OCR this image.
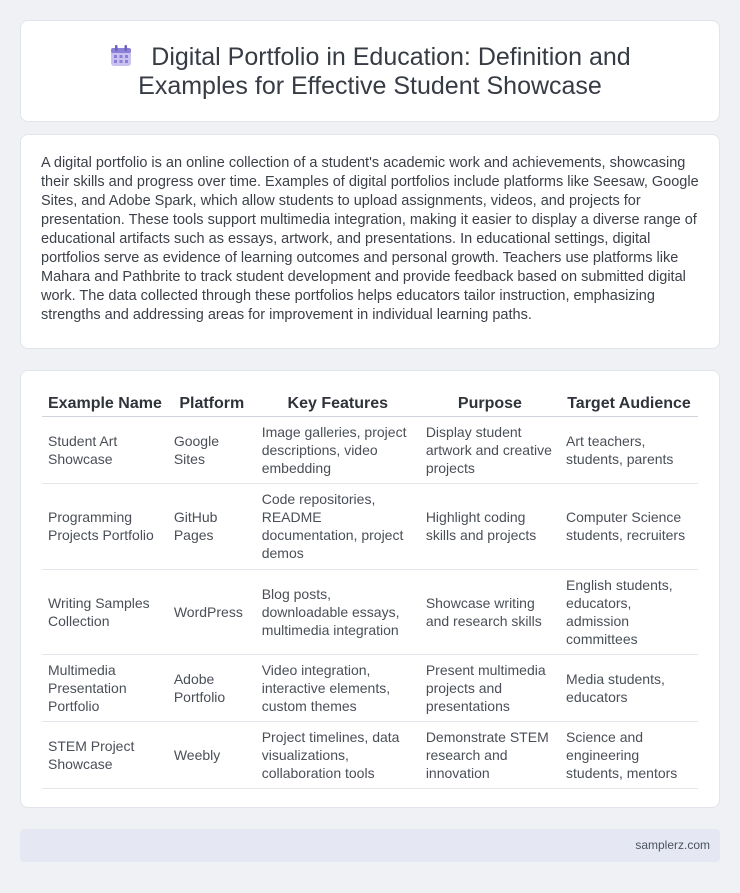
Digital Portfolio in Education: Definition and Examples for Effective Student Showcase

A digital portfolio is an online collection of a student's academic work and achievements, showcasing their skills and progress over time. Examples of digital portfolios include platforms like Seesaw, Google Sites, and Adobe Spark, which allow students to upload assignments, videos, and projects for presentation. These tools support multimedia integration, making it easier to display a diverse range of educational artifacts such as essays, artwork, and presentations. In educational settings, digital portfolios serve as evidence of learning outcomes and personal growth. Teachers use platforms like Mahara and Pathbrite to track student development and provide feedback based on submitted digital work. The data collected through these portfolios helps educators tailor instruction, emphasizing strengths and addressing areas for improvement in individual learning paths.

Example Name	Platform	Key Features	Purpose	Target Audience
Student Art Showcase	Google Sites	Image galleries, project descriptions, video embedding	Display student artwork and creative projects	Art teachers, students, parents
Programming Projects Portfolio	GitHub Pages	Code repositories, README documentation, project demos	Highlight coding skills and projects	Computer Science students, recruiters
Writing Samples Collection	WordPress	Blog posts, downloadable essays, multimedia integration	Showcase writing and research skills	English students, educators, admission committees
Multimedia Presentation Portfolio	Adobe Portfolio	Video integration, interactive elements, custom themes	Present multimedia projects and presentations	Media students, educators
STEM Project Showcase	Weebly	Project timelines, data visualizations, collaboration tools	Demonstrate STEM research and innovation	Science and engineering students, mentors
samplerz.com
